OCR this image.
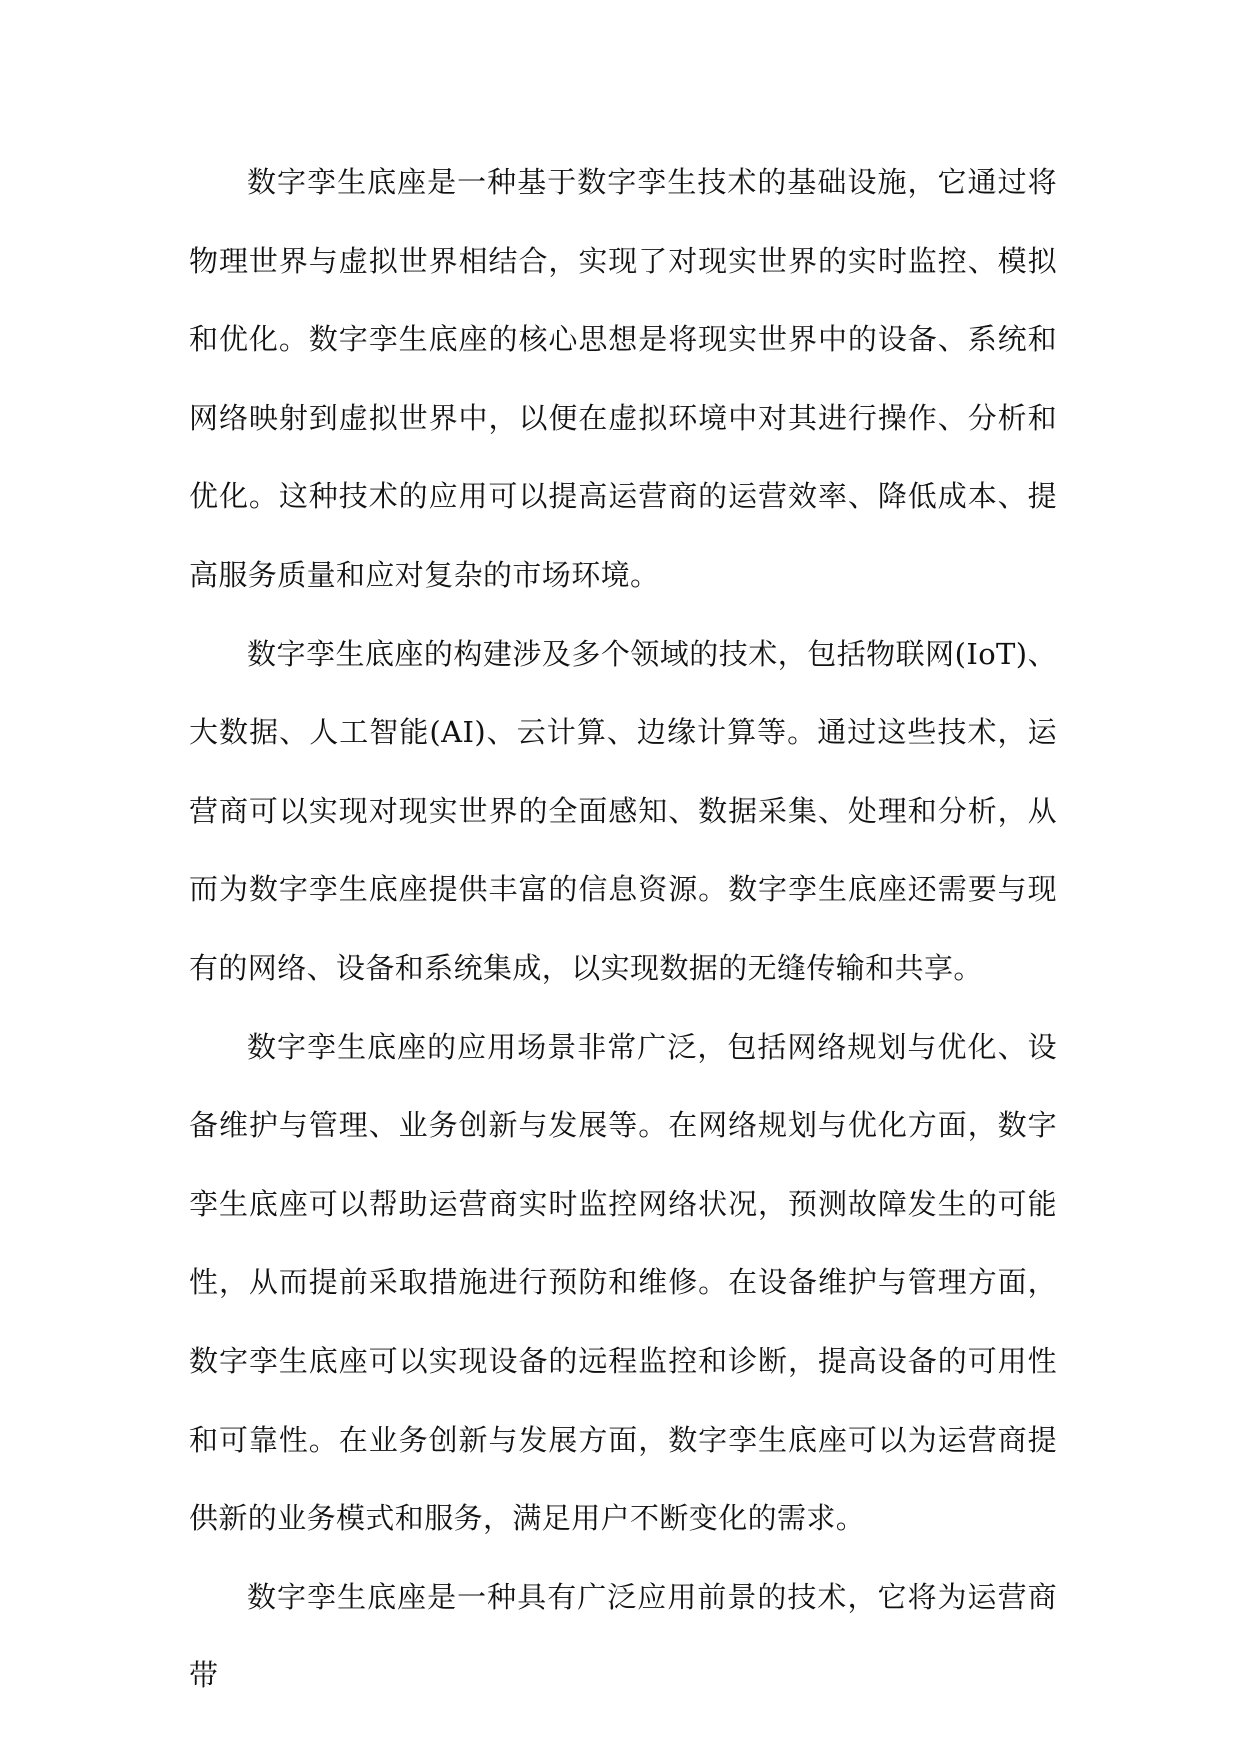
数字孪生底座是一种基于数字孪生技术的基础设施，它通过将物理世界与虚拟世界相结合，实现了对现实世界的实时监控、模拟和优化。数字孪生底座的核心思想是将现实世界中的设备、系统和网络映射到虚拟世界中，以便在虚拟环境中对其进行操作、分析和优化。这种技术的应用可以提高运营商的运营效率、降低成本、提高服务质量和应对复杂的市场环境。

数字孪生底座的构建涉及多个领域的技术，包括物联网(IoT)、大数据、人工智能(AI)、云计算、边缘计算等。通过这些技术，运营商可以实现对现实世界的全面感知、数据采集、处理和分析，从而为数字孪生底座提供丰富的信息资源。数字孪生底座还需要与现有的网络、设备和系统集成，以实现数据的无缝传输和共享。

数字孪生底座的应用场景非常广泛，包括网络规划与优化、设备维护与管理、业务创新与发展等。在网络规划与优化方面，数字孪生底座可以帮助运营商实时监控网络状况，预测故障发生的可能性，从而提前采取措施进行预防和维修。在设备维护与管理方面，数字孪生底座可以实现设备的远程监控和诊断，提高设备的可用性和可靠性。在业务创新与发展方面，数字孪生底座可以为运营商提供新的业务模式和服务，满足用户不断变化的需求。

数字孪生底座是一种具有广泛应用前景的技术，它将为运营商带
